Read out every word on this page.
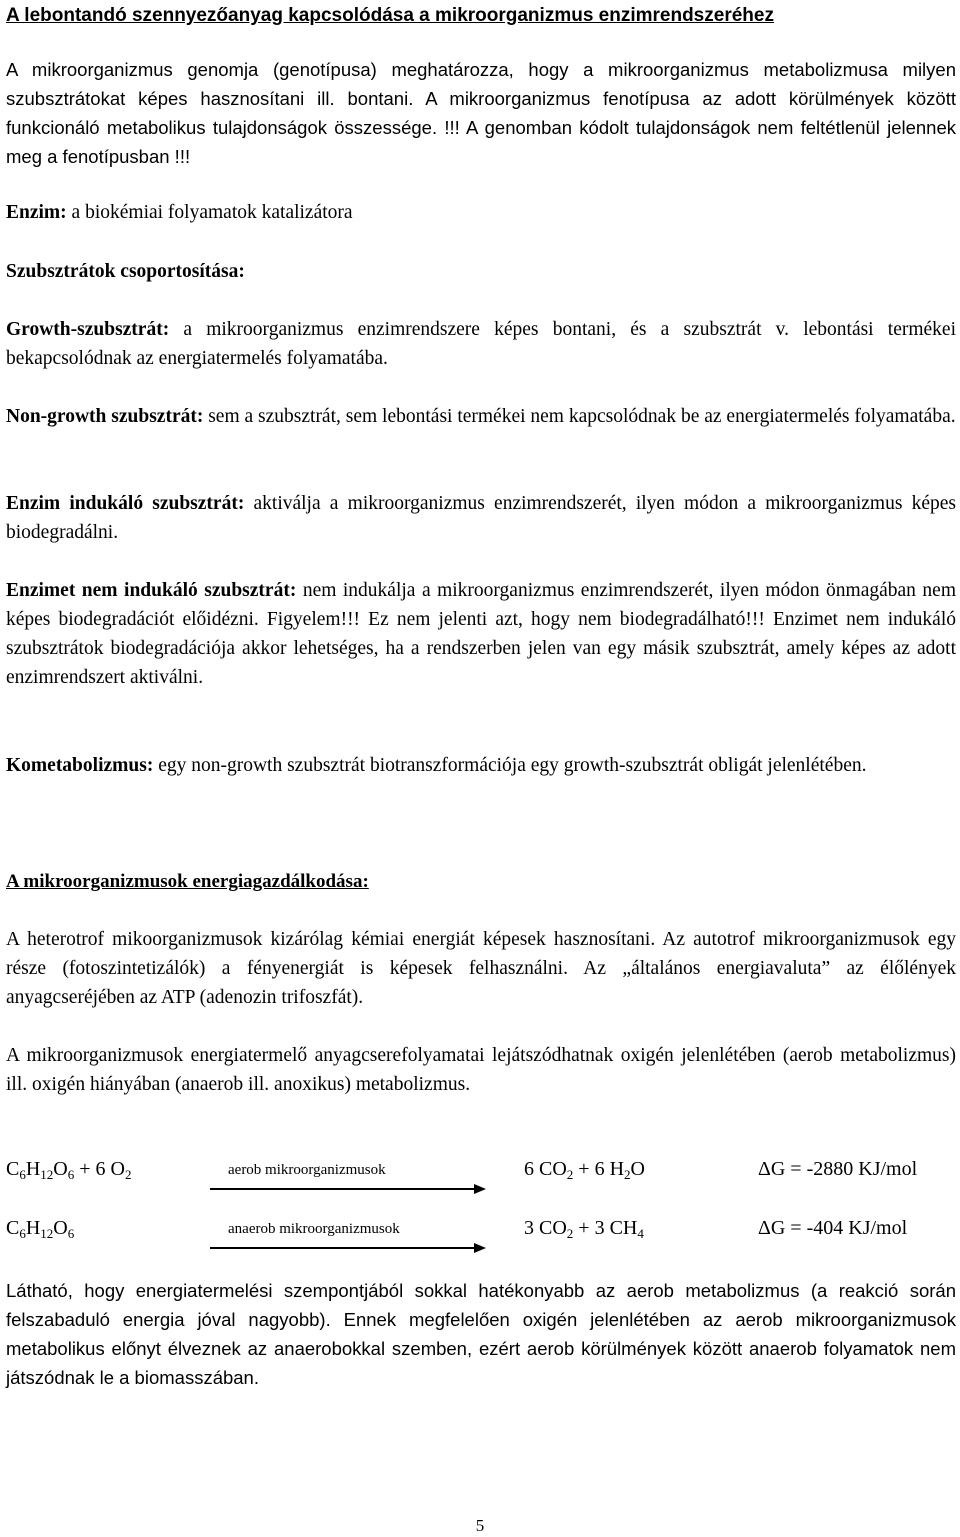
A lebontandó szennyezőanyag kapcsolódása a mikroorganizmus enzimrendszeréhez
A mikroorganizmus genomja (genotípusa) meghatározza, hogy a mikroorganizmus metabolizmusa milyen szubsztrátokat képes hasznosítani ill. bontani. A mikroorganizmus fenotípusa az adott körülmények között funkcionáló metabolikus tulajdonságok összessége. !!! A genomban kódolt tulajdonságok nem feltétlenül jelennek meg a fenotípusban !!!
Enzim: a biokémiai folyamatok katalizátora
Szubsztrátok csoportosítása:
Growth-szubsztrát: a mikroorganizmus enzimrendszere képes bontani, és a szubsztrát v. lebontási termékei bekapcsolódnak az energiatermelés folyamatába.
Non-growth szubsztrát: sem a szubsztrát, sem lebontási termékei nem kapcsolódnak be az energiatermelés folyamatába.
Enzim indukáló szubsztrát: aktiválja a mikroorganizmus enzimrendszerét, ilyen módon a mikroorganizmus képes biodegradálni.
Enzimet nem indukáló szubsztrát: nem indukálja a mikroorganizmus enzimrendszerét, ilyen módon önmagában nem képes biodegradációt előidézni. Figyelem!!! Ez nem jelenti azt, hogy nem biodegradálható!!! Enzimet nem indukáló szubsztrátok biodegradációja akkor lehetséges, ha a rendszerben jelen van egy másik szubsztrát, amely képes az adott enzimrendszert aktiválni.
Kometabolizmus: egy non-growth szubsztrát biotranszformációja egy growth-szubsztrát obligát jelenlétében.
A mikroorganizmusok energiagazdálkodása:
A heterotrof mikoorganizmusok kizárólag kémiai energiát képesek hasznosítani. Az autotrof mikroorganizmusok egy része (fotoszintetizálók) a fényenergiát is képesek felhasználni. Az „általános energiavaluta” az élőlények anyagcseréjében az ATP (adenozin trifoszfát).
A mikroorganizmusok energiatermelő anyagcserefolyamatai lejátszódhatnak oxigén jelenlétében (aerob metabolizmus) ill. oxigén hiányában (anaerob ill. anoxikus) metabolizmus.
$C_6H_{12}O_6 + 6$ $O_2$	aerob mikroorganizmusok	6 $CO_2 + 6$ $H_2O$	ΔG = -2880 KJ/mol
$C_6H_{12}O_6$	anaerob mikroorganizmusok	3 $CO_2 + 3$ $CH_4$	ΔG = -404 KJ/mol
Látható, hogy energiatermelési szempontjából sokkal hatékonyabb az aerob metabolizmus (a reakció során felszabaduló energia jóval nagyobb). Ennek megfelelően oxigén jelenlétében az aerob mikroorganizmusok metabolikus előnyt élveznek az anaerobokkal szemben, ezért aerob körülmények között anaerob folyamatok nem játszódnak le a biomasszában.
5
